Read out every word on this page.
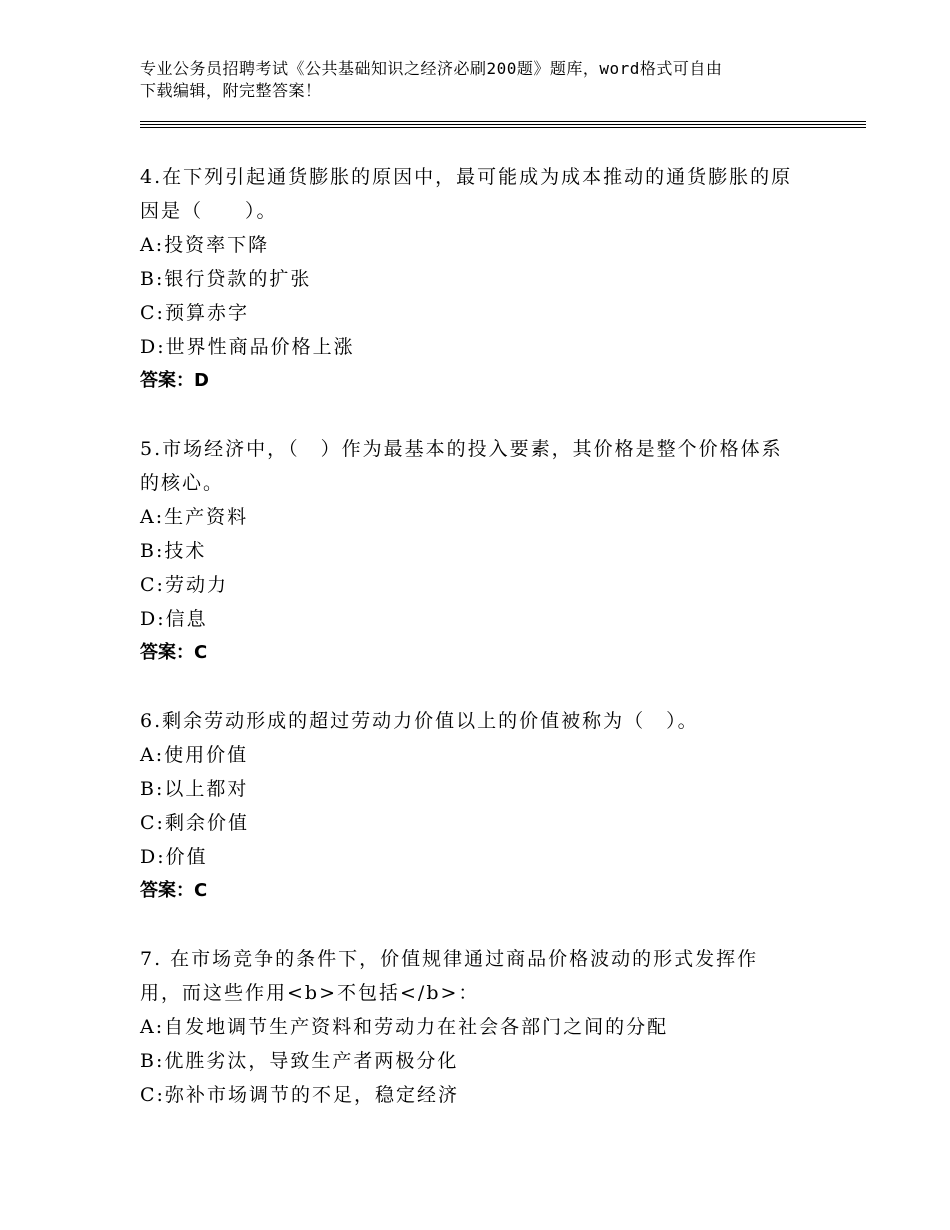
专业公务员招聘考试《公共基础知识之经济必刷200题》题库，word格式可自由
下载编辑，附完整答案！

4.在下列引起通货膨胀的原因中，最可能成为成本推动的通货膨胀的原因是（　　）。

A:投资率下降

B:银行贷款的扩张

C:预算赤字

D:世界性商品价格上涨

答案：D

5.市场经济中，（　）作为最基本的投入要素，其价格是整个价格体系的核心。

A:生产资料

B:技术

C:劳动力

D:信息

答案：C

6.剩余劳动形成的超过劳动力价值以上的价值被称为（　）。

A:使用价值

B:以上都对

C:剩余价值

D:价值

答案：C

7. 在市场竞争的条件下，价值规律通过商品价格波动的形式发挥作用，而这些作用<b>不包括</b>：

A:自发地调节生产资料和劳动力在社会各部门之间的分配

B:优胜劣汰，导致生产者两极分化

C:弥补市场调节的不足，稳定经济
